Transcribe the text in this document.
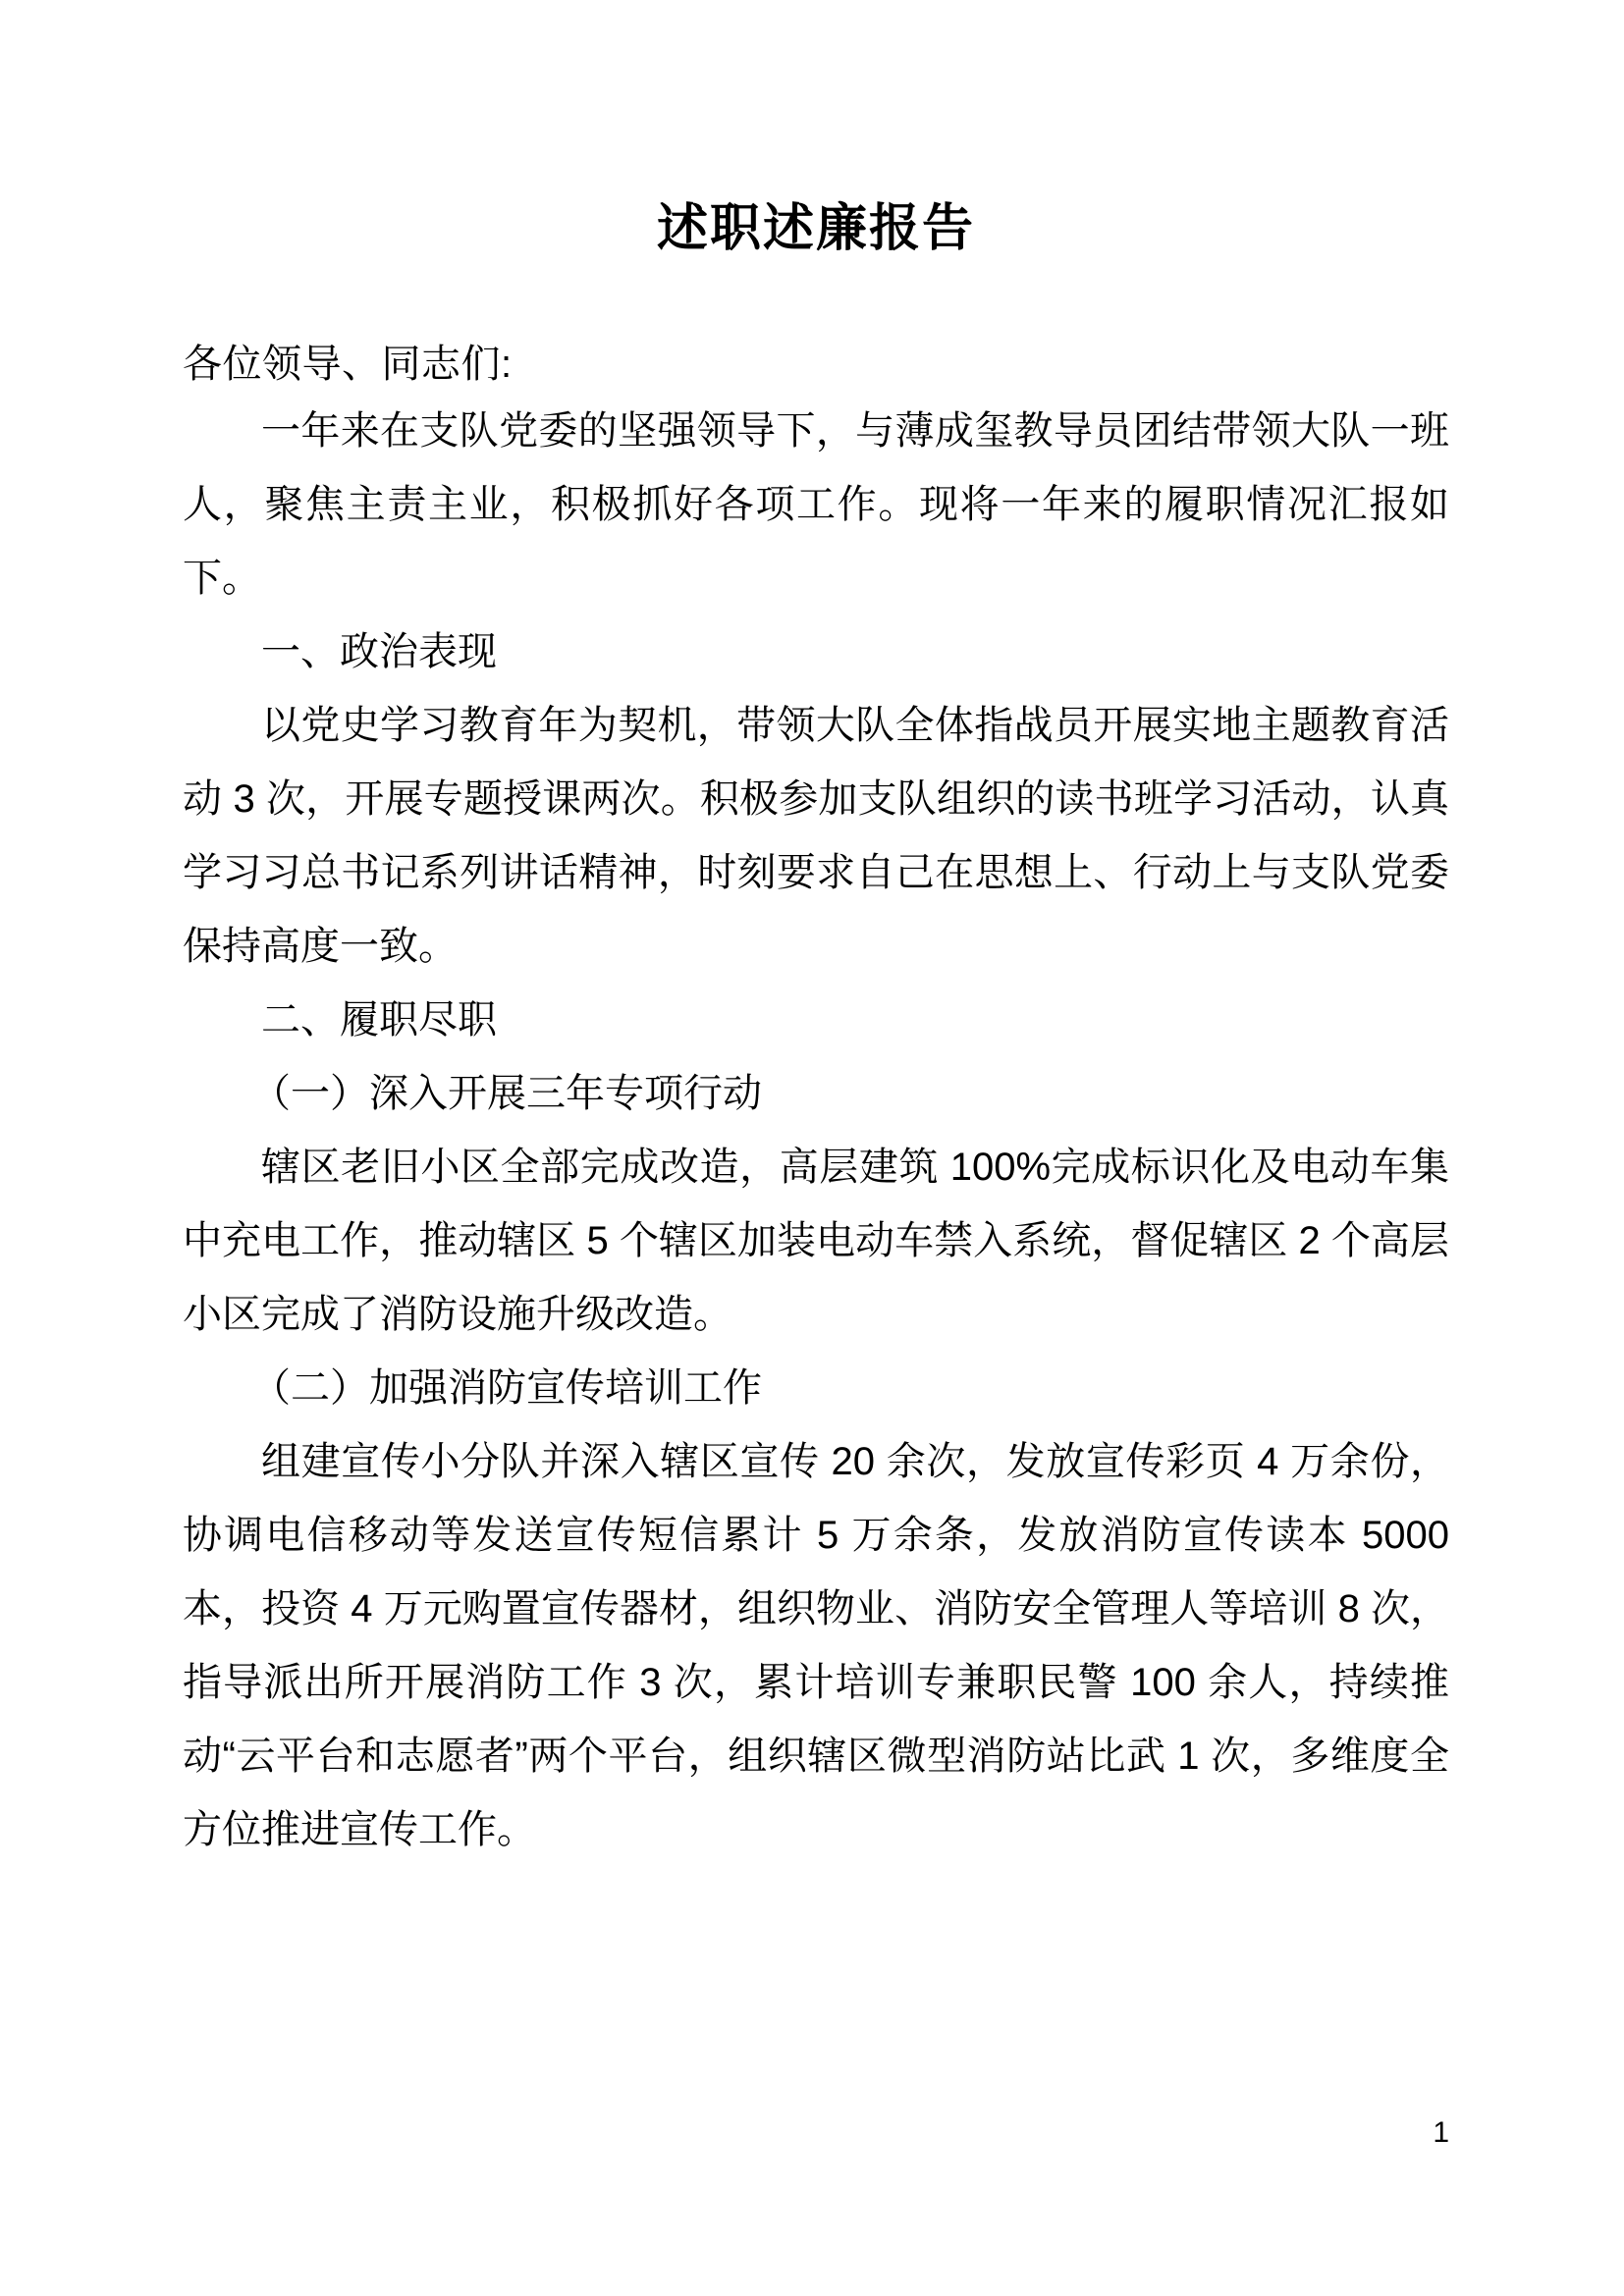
述职述廉报告

各位领导、同志们:

一年来在支队党委的坚强领导下，与薄成玺教导员团结带领大队一班人，聚焦主责主业，积极抓好各项工作。现将一年来的履职情况汇报如下。

一、政治表现

以党史学习教育年为契机，带领大队全体指战员开展实地主题教育活动 3 次，开展专题授课两次。积极参加支队组织的读书班学习活动，认真学习习总书记系列讲话精神，时刻要求自己在思想上、行动上与支队党委保持高度一致。

二、履职尽职

（一）深入开展三年专项行动

辖区老旧小区全部完成改造，高层建筑 100%完成标识化及电动车集中充电工作，推动辖区 5 个辖区加装电动车禁入系统，督促辖区 2 个高层小区完成了消防设施升级改造。

（二）加强消防宣传培训工作

组建宣传小分队并深入辖区宣传 20 余次，发放宣传彩页 4 万余份，协调电信移动等发送宣传短信累计 5 万余条，发放消防宣传读本 5000 本，投资 4 万元购置宣传器材，组织物业、消防安全管理人等培训 8 次，指导派出所开展消防工作 3 次，累计培训专兼职民警 100 余人，持续推动“云平台和志愿者”两个平台，组织辖区微型消防站比武 1 次，多维度全方位推进宣传工作。

1
